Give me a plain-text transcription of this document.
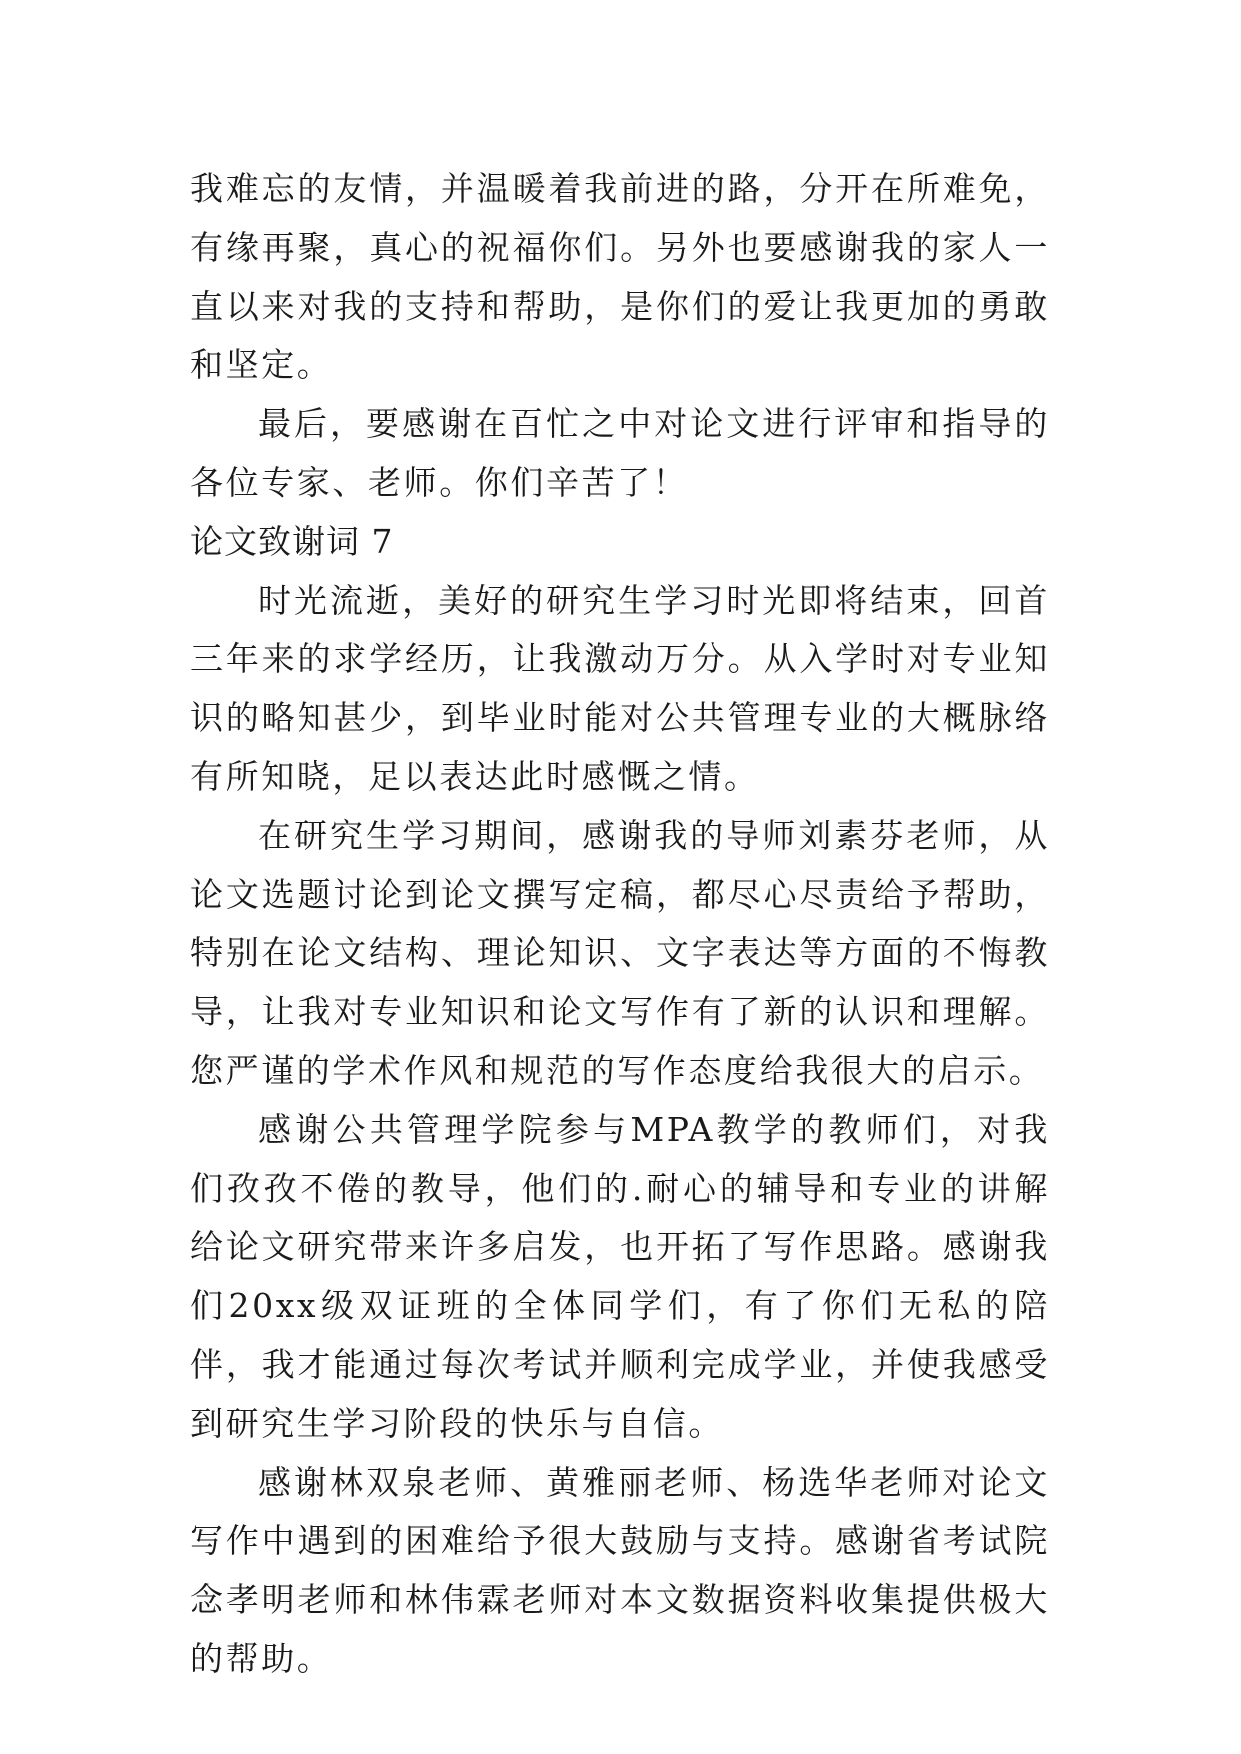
我难忘的友情，并温暖着我前进的路，分开在所难免，有缘再聚，真心的祝福你们。另外也要感谢我的家人一直以来对我的支持和帮助，是你们的爱让我更加的勇敢和坚定。

最后，要感谢在百忙之中对论文进行评审和指导的各位专家、老师。你们辛苦了！

论文致谢词 7

时光流逝，美好的研究生学习时光即将结束，回首三年来的求学经历，让我激动万分。从入学时对专业知识的略知甚少，到毕业时能对公共管理专业的大概脉络有所知晓，足以表达此时感慨之情。

在研究生学习期间，感谢我的导师刘素芬老师，从论文选题讨论到论文撰写定稿，都尽心尽责给予帮助，特别在论文结构、理论知识、文字表达等方面的不悔教导，让我对专业知识和论文写作有了新的认识和理解。您严谨的学术作风和规范的写作态度给我很大的启示。

感谢公共管理学院参与MPA教学的教师们，对我们孜孜不倦的教导，他们的.耐心的辅导和专业的讲解给论文研究带来许多启发，也开拓了写作思路。感谢我们20xx级双证班的全体同学们，有了你们无私的陪伴，我才能通过每次考试并顺利完成学业，并使我感受到研究生学习阶段的快乐与自信。

感谢林双泉老师、黄雅丽老师、杨选华老师对论文写作中遇到的困难给予很大鼓励与支持。感谢省考试院念孝明老师和林伟霖老师对本文数据资料收集提供极大的帮助。
